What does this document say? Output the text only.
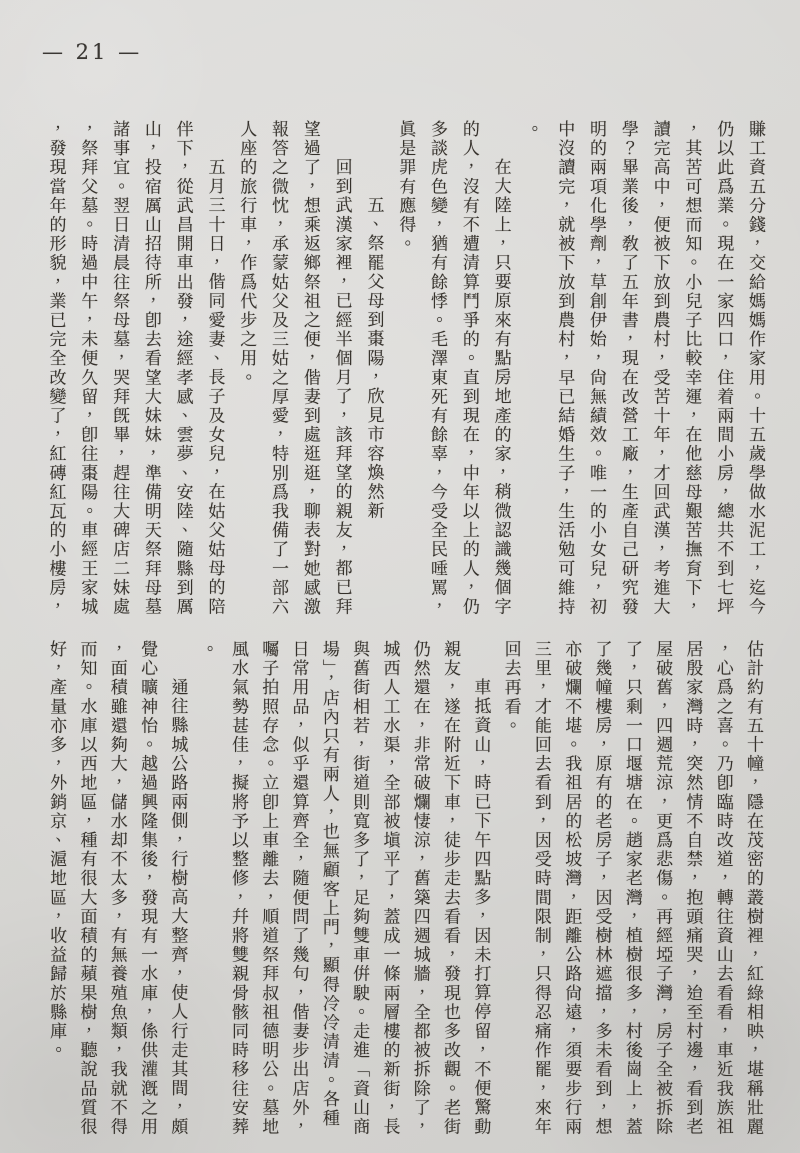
— 21 —

賺工資五分錢，交給媽媽作家用。十五歲學做水泥工，迄今仍以此爲業。現在一家四口，住着兩間小房，總共不到七坪，其苦可想而知。小兒子比較幸運，在他慈母艱苦撫育下，讀完高中，便被下放到農村，受苦十年，才回武漢，考進大學？畢業後，敎了五年書，現在改營工廠，生產自己研究發明的兩項化學劑，草創伊始，尙無績效。唯一的小女兒，初中沒讀完，就被下放到農村，早已結婚生子，生活勉可維持。

在大陸上，只要原來有點房地產的家，稍微認識幾個字的人，沒有不遭清算鬥爭的。直到現在，中年以上的人，仍多談虎色變，猶有餘悸。毛澤東死有餘辜，今受全民唾罵，眞是罪有應得。

五、祭罷父母到棗陽，欣見市容煥然新

回到武漢家裡，已經半個月了，該拜望的親友，都已拜望過了，想乘返鄉祭祖之便，偕妻到處逛逛，聊表對她感激報答之微忱，承蒙姑父及三姑之厚愛，特別爲我備了一部六人座的旅行車，作爲代步之用。

五月三十日，偕同愛妻、長子及女兒，在姑父姑母的陪伴下，從武昌開車出發，途經孝感、雲夢、安陸、隨縣到厲山，投宿厲山招待所，卽去看望大妹妹，準備明天祭拜母墓諸事宜。翌日清晨往祭母墓，哭拜旣畢，趕往大碑店二妹處，祭拜父墓。時過中午，未便久留，卽往棗陽。車經王家城，發現當年的形貌，業已完全改變了，紅磚紅瓦的小樓房，

估計約有五十幢，隱在茂密的叢樹裡，紅綠相映，堪稱壯麗，心爲之喜。乃卽臨時改道，轉往資山去看看，車近我族祖居殷家灣時，突然情不自禁，抱頭痛哭，迨至村邊，看到老屋破舊，四週荒涼，更爲悲傷。再經埡子灣，房子全被拆除了，只剩一口堰塘在。趙家老灣，植樹很多，村後崗上，蓋了幾幢樓房，原有的老房子，因受樹林遮擋，多未看到，想亦破爛不堪。我祖居的松坡灣，距離公路尙遠，須要步行兩三里，才能回去看到，因受時間限制，只得忍痛作罷，來年回去再看。

車抵資山，時已下午四點多，因未打算停留，不便驚動親友，遂在附近下車，徒步走去看看，發現也多改觀。老街仍然還在，非常破爛悽涼，舊築四週城牆，全都被拆除了，城西人工水渠，全部被塡平了，蓋成一條兩層樓的新街，長與舊街相若，街道則寬多了，足夠雙車倂駛。走進「資山商場」，店內只有兩人，也無顧客上門，顯得冷冷清清。各種日常用品，似乎還算齊全，隨便問了幾句，偕妻步出店外，囑子拍照存念。立卽上車離去，順道祭拜叔祖德明公。墓地風水氣勢甚佳，擬將予以整修，幷將雙親骨骸同時移往安葬。

通往縣城公路兩側，行樹高大整齊，使人行走其間，頗覺心曠神怡。越過興隆集後，發現有一水庫，係供灌漑之用，面積雖還夠大，儲水却不太多，有無養殖魚類，我就不得而知。水庫以西地區，種有很大面積的蘋果樹，聽說品質很好，產量亦多，外銷京、滬地區，收益歸於縣庫。
